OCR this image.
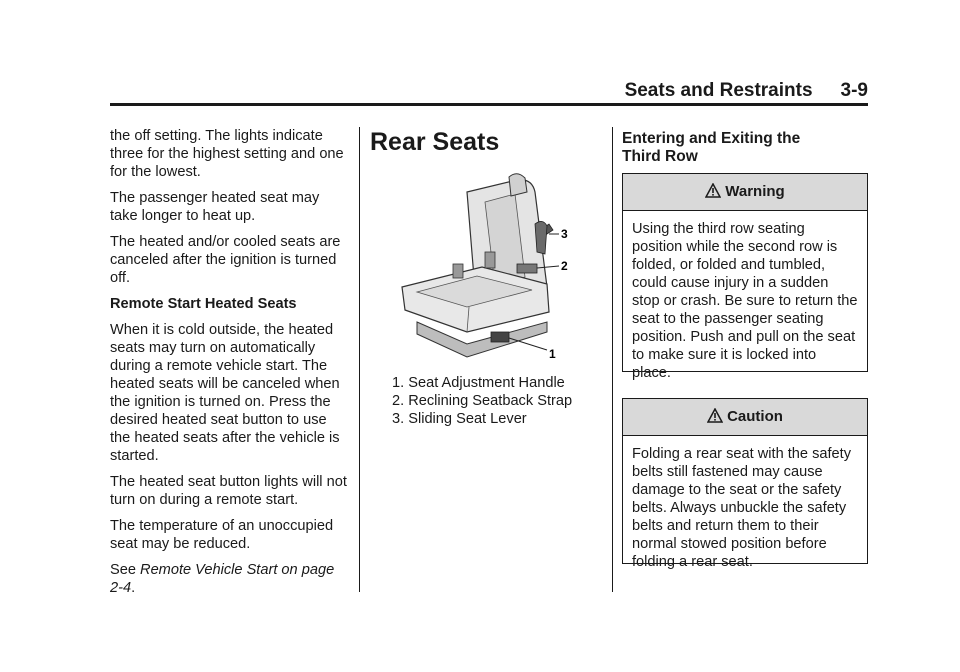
Seats and Restraints 3-9

the off setting. The lights indicate three for the highest setting and one for the lowest.

The passenger heated seat may take longer to heat up.

The heated and/or cooled seats are canceled after the ignition is turned off.

Remote Start Heated Seats

When it is cold outside, the heated seats may turn on automatically during a remote vehicle start. The heated seats will be canceled when the ignition is turned on. Press the desired heated seat button to use the heated seats after the vehicle is started.

The heated seat button lights will not turn on during a remote start.

The temperature of an unoccupied seat may be reduced.

See Remote Vehicle Start on page 2-4.

Rear Seats
3
2
1
1. Seat Adjustment Handle
2. Reclining Seatback Strap
3. Sliding Seat Lever
Entering and Exiting the
Third Row
Warning
Using the third row seating position while the second row is folded, or folded and tumbled, could cause injury in a sudden stop or crash. Be sure to return the seat to the passenger seating position. Push and pull on the seat to make sure it is locked into place.
Caution
Folding a rear seat with the safety belts still fastened may cause damage to the seat or the safety belts. Always unbuckle the safety belts and return them to their normal stowed position before folding a rear seat.
